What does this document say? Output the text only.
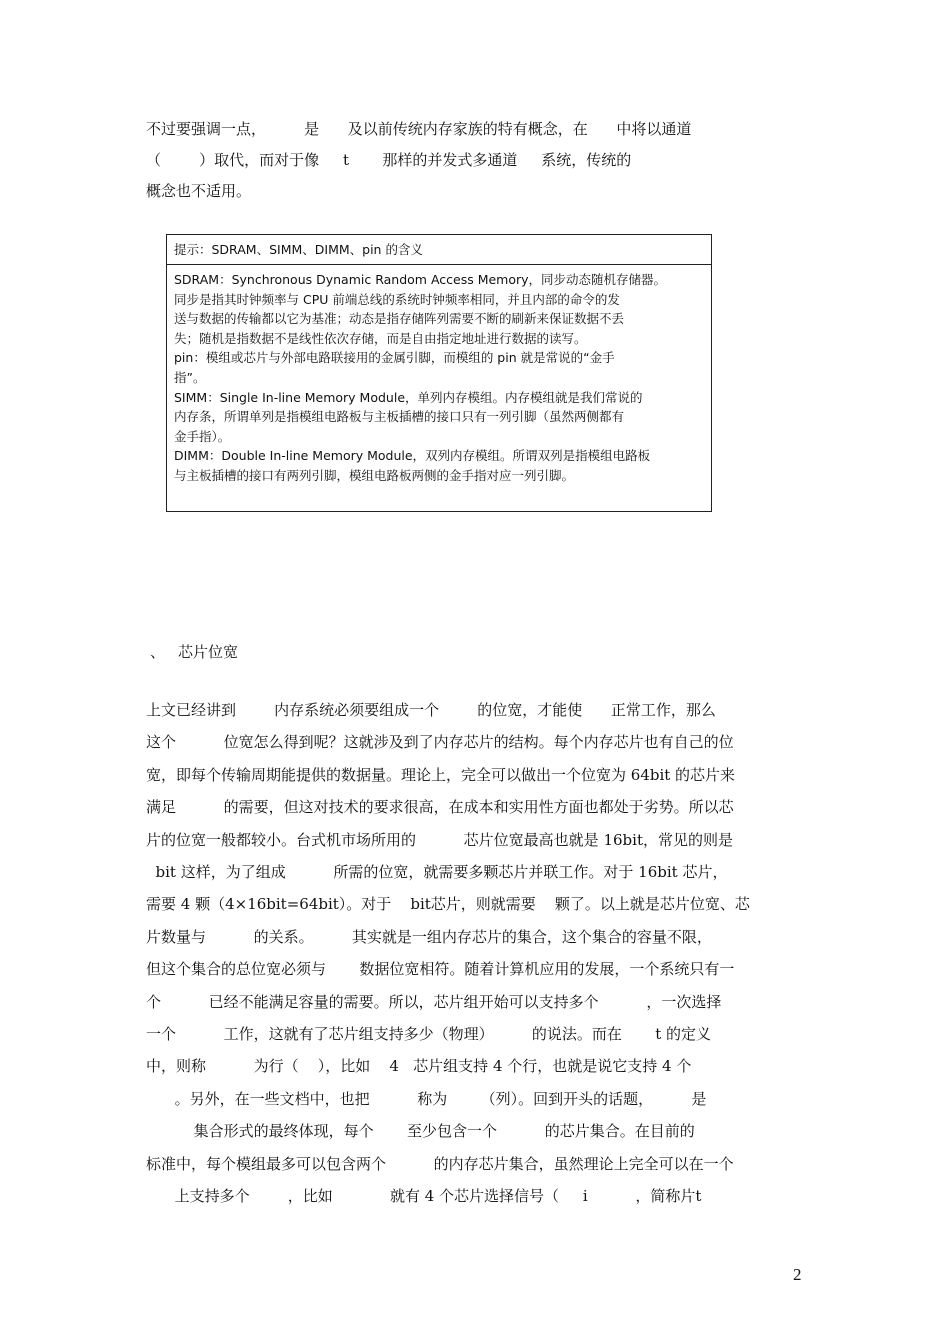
不过要强调一点，        是      及以前传统内存家族的特有概念，在      中将以通道
（        ）取代，而对于像     t       那样的并发式多通道     系统，传统的
概念也不适用。
提示：SDRAM、SIMM、DIMM、pin 的含义
SDRAM：Synchronous Dynamic Random Access Memory，同步动态随机存储器。
同步是指其时钟频率与 CPU 前端总线的系统时钟频率相同，并且内部的命令的发
送与数据的传输都以它为基准；动态是指存储阵列需要不断的刷新来保证数据不丢
失；随机是指数据不是线性依次存储，而是自由指定地址进行数据的读写。
pin：模组或芯片与外部电路联接用的金属引脚，而模组的 pin 就是常说的“金手
指”。
SIMM：Single In-line Memory Module，单列内存模组。内存模组就是我们常说的
内存条，所谓单列是指模组电路板与主板插槽的接口只有一列引脚（虽然两侧都有
金手指）。
DIMM：Double In-line Memory Module，双列内存模组。所谓双列是指模组电路板
与主板插槽的接口有两列引脚，模组电路板两侧的金手指对应一列引脚。
、 芯片位宽
上文已经讲到        内存系统必须要组成一个        的位宽，才能使      正常工作，那么
这个          位宽怎么得到呢？这就涉及到了内存芯片的结构。每个内存芯片也有自己的位
宽，即每个传输周期能提供的数据量。理论上，完全可以做出一个位宽为 64bit 的芯片来
满足          的需要，但这对技术的要求很高，在成本和实用性方面也都处于劣势。所以芯
片的位宽一般都较小。台式机市场所用的          芯片位宽最高也就是 16bit，常见的则是
bit 这样，为了组成          所需的位宽，就需要多颗芯片并联工作。对于 16bit 芯片，
需要 4 颗（4×16bit=64bit）。对于    bit芯片，则就需要    颗了。以上就是芯片位宽、芯
片数量与          的关系。        其实就是一组内存芯片的集合，这个集合的容量不限，
但这个集合的总位宽必须与       数据位宽相符。随着计算机应用的发展，一个系统只有一
个          已经不能满足容量的需要。所以，芯片组开始可以支持多个          ，一次选择
一个          工作，这就有了芯片组支持多少（物理）        的说法。而在       t 的定义
中，则称          为行（    ），比如    4   芯片组支持 4 个行，也就是说它支持 4 个
。另外，在一些文档中，也把          称为       （列）。回到开头的话题，        是
集合形式的最终体现，每个       至少包含一个          的芯片集合。在目前的
标准中，每个模组最多可以包含两个          的内存芯片集合，虽然理论上完全可以在一个
上支持多个        ，比如            就有 4 个芯片选择信号（     i          ，简称片t
2
